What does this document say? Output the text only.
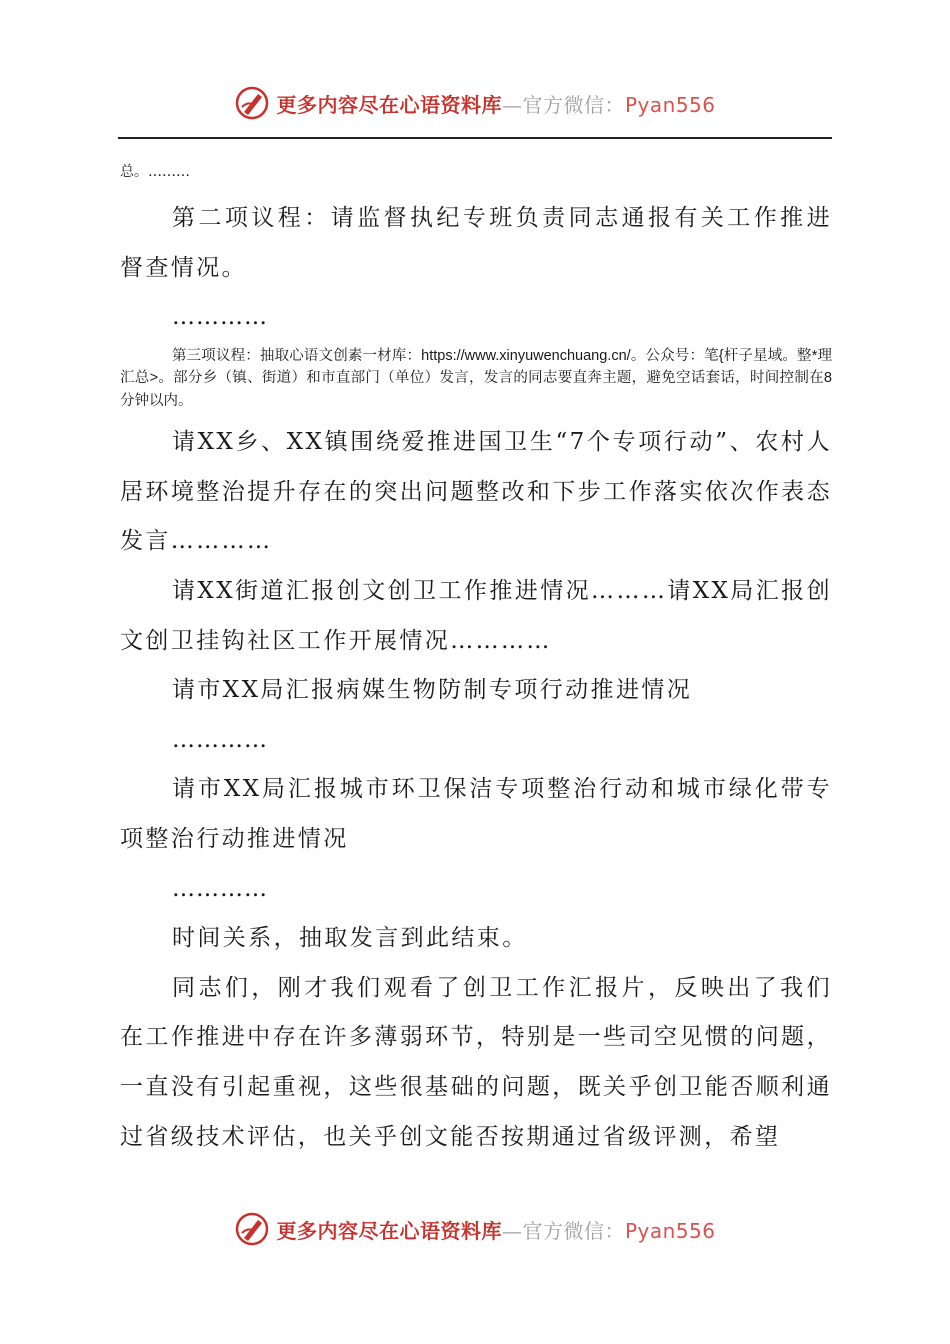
更多内容尽在心语资料库—官方微信：Pyan556

总。………

第二项议程：请监督执纪专班负责同志通报有关工作推进督查情况。

…………

第三项议程：抽取心语文创素一材库：https://www.xinyuwenchuang.cn/。公众号：笔{杆子星域。整*理汇总>。部分乡（镇、街道）和市直部门（单位）发言，发言的同志要直奔主题，避免空话套话，时间控制在8分钟以内。

请XX乡、XX镇围绕爱推进国卫生“7个专项行动”、农村人居环境整治提升存在的突出问题整改和下步工作落实依次作表态发言…………

请XX街道汇报创文创卫工作推进情况………请XX局汇报创文创卫挂钩社区工作开展情况…………

请市XX局汇报病媒生物防制专项行动推进情况

…………

请市XX局汇报城市环卫保洁专项整治行动和城市绿化带专项整治行动推进情况

…………

时间关系，抽取发言到此结束。

同志们，刚才我们观看了创卫工作汇报片，反映出了我们在工作推进中存在许多薄弱环节，特别是一些司空见惯的问题，一直没有引起重视，这些很基础的问题，既关乎创卫能否顺利通过省级技术评估，也关乎创文能否按期通过省级评测，希望

更多内容尽在心语资料库—官方微信：Pyan556
